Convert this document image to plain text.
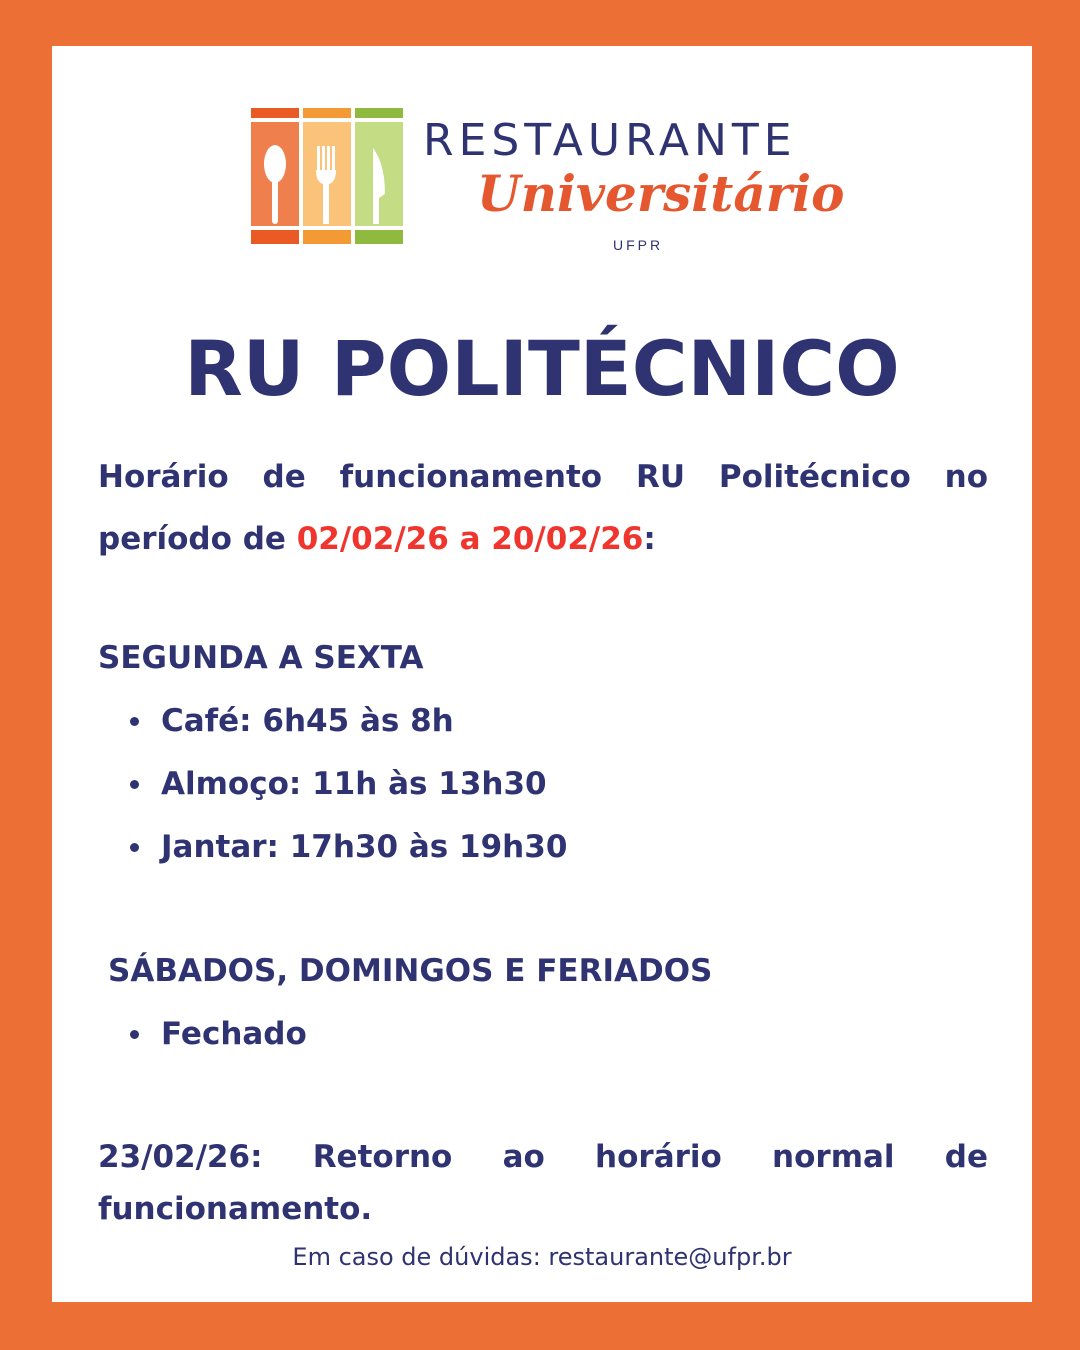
RESTAURANTE
Universitário
UFPR
RU POLITÉCNICO
Horário de funcionamento RU Politécnico no período de 02/02/26 a 20/02/26:
SEGUNDA A SEXTA
Café: 6h45 às 8h
Almoço: 11h às 13h30
Jantar: 17h30 às 19h30
SÁBADOS, DOMINGOS E FERIADOS
Fechado
23/02/26: Retorno ao horário normal de funcionamento.
Em caso de dúvidas: restaurante@ufpr.br
